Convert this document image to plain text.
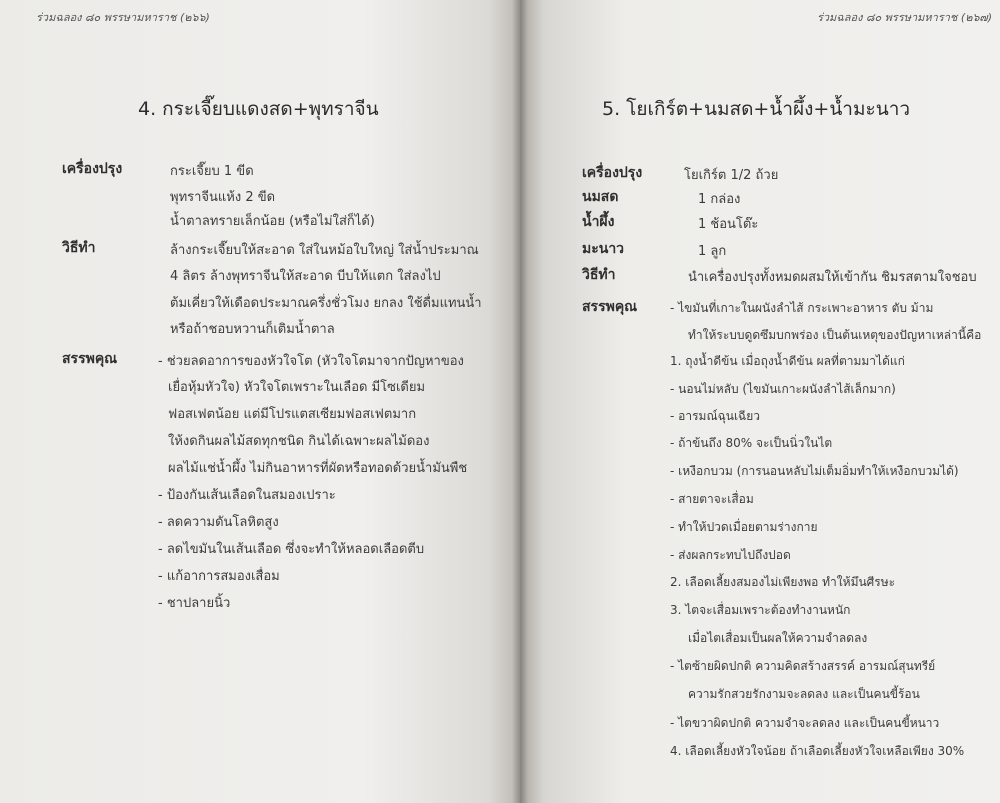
ร่วมฉลอง ๘๐ พรรษามหาราช (๒๖๖)
4. กระเจี๊ยบแดงสด+พุทราจีน
เครื่องปรุง	กระเจี๊ยบ 1 ขีด
พุทราจีนแห้ง 2 ขีด
น้ำตาลทรายเล็กน้อย (หรือไม่ใส่ก็ได้)
วิธีทำ	ล้างกระเจี๊ยบให้สะอาด ใส่ในหม้อใบใหญ่ ใส่น้ำประมาณ
4 ลิตร ล้างพุทราจีนให้สะอาด บีบให้แตก ใส่ลงไป
ต้มเคี่ยวให้เดือดประมาณครึ่งชั่วโมง ยกลง ใช้ดื่มแทนน้ำ
หรือถ้าชอบหวานก็เติมน้ำตาล
สรรพคุณ	- ช่วยลดอาการของหัวใจโต (หัวใจโตมาจากปัญหาของ
เยื่อหุ้มหัวใจ) หัวใจโตเพราะในเลือด มีโซเดียม
ฟอสเฟตน้อย แต่มีโปรแตสเซียมฟอสเฟตมาก
ให้งดกินผลไม้สดทุกชนิด กินได้เฉพาะผลไม้ดอง
ผลไม้แช่น้ำผึ้ง ไม่กินอาหารที่ผัดหรือทอดด้วยน้ำมันพืช
- ป้องกันเส้นเลือดในสมองเปราะ
- ลดความดันโลหิตสูง
- ลดไขมันในเส้นเลือด ซึ่งจะทำให้หลอดเลือดตีบ
- แก้อาการสมองเสื่อม
- ชาปลายนิ้ว
ร่วมฉลอง ๘๐ พรรษามหาราช (๒๖๗)
5. โยเกิร์ต+นมสด+น้ำผึ้ง+น้ำมะนาว
เครื่องปรุง	โยเกิร์ต 1/2 ถ้วย
นมสด	1 กล่อง
น้ำผึ้ง	1 ช้อนโต๊ะ
มะนาว	1 ลูก
วิธีทำ	นำเครื่องปรุงทั้งหมดผสมให้เข้ากัน ชิมรสตามใจชอบ
สรรพคุณ	- ไขมันที่เกาะในผนังลำไส้ กระเพาะอาหาร ตับ ม้าม
ทำให้ระบบดูดซึมบกพร่อง เป็นต้นเหตุของปัญหาเหล่านี้คือ
1. ถุงน้ำดีข้น เมื่อถุงน้ำดีข้น ผลที่ตามมาได้แก่
- นอนไม่หลับ (ไขมันเกาะผนังลำไส้เล็กมาก)
- อารมณ์ฉุนเฉียว
- ถ้าข้นถึง 80% จะเป็นนิ่วในไต
- เหงือกบวม (การนอนหลับไม่เต็มอิ่มทำให้เหงือกบวมได้)
- สายตาจะเสื่อม
- ทำให้ปวดเมื่อยตามร่างกาย
- ส่งผลกระทบไปถึงปอด
2. เลือดเลี้ยงสมองไม่เพียงพอ ทำให้มึนศีรษะ
3. ไตจะเสื่อมเพราะต้องทำงานหนัก
เมื่อไตเสื่อมเป็นผลให้ความจำลดลง
- ไตซ้ายผิดปกติ ความคิดสร้างสรรค์ อารมณ์สุนทรีย์
ความรักสวยรักงามจะลดลง และเป็นคนขี้ร้อน
- ไตขวาผิดปกติ ความจำจะลดลง และเป็นคนขี้หนาว
4. เลือดเลี้ยงหัวใจน้อย ถ้าเลือดเลี้ยงหัวใจเหลือเพียง 30%
